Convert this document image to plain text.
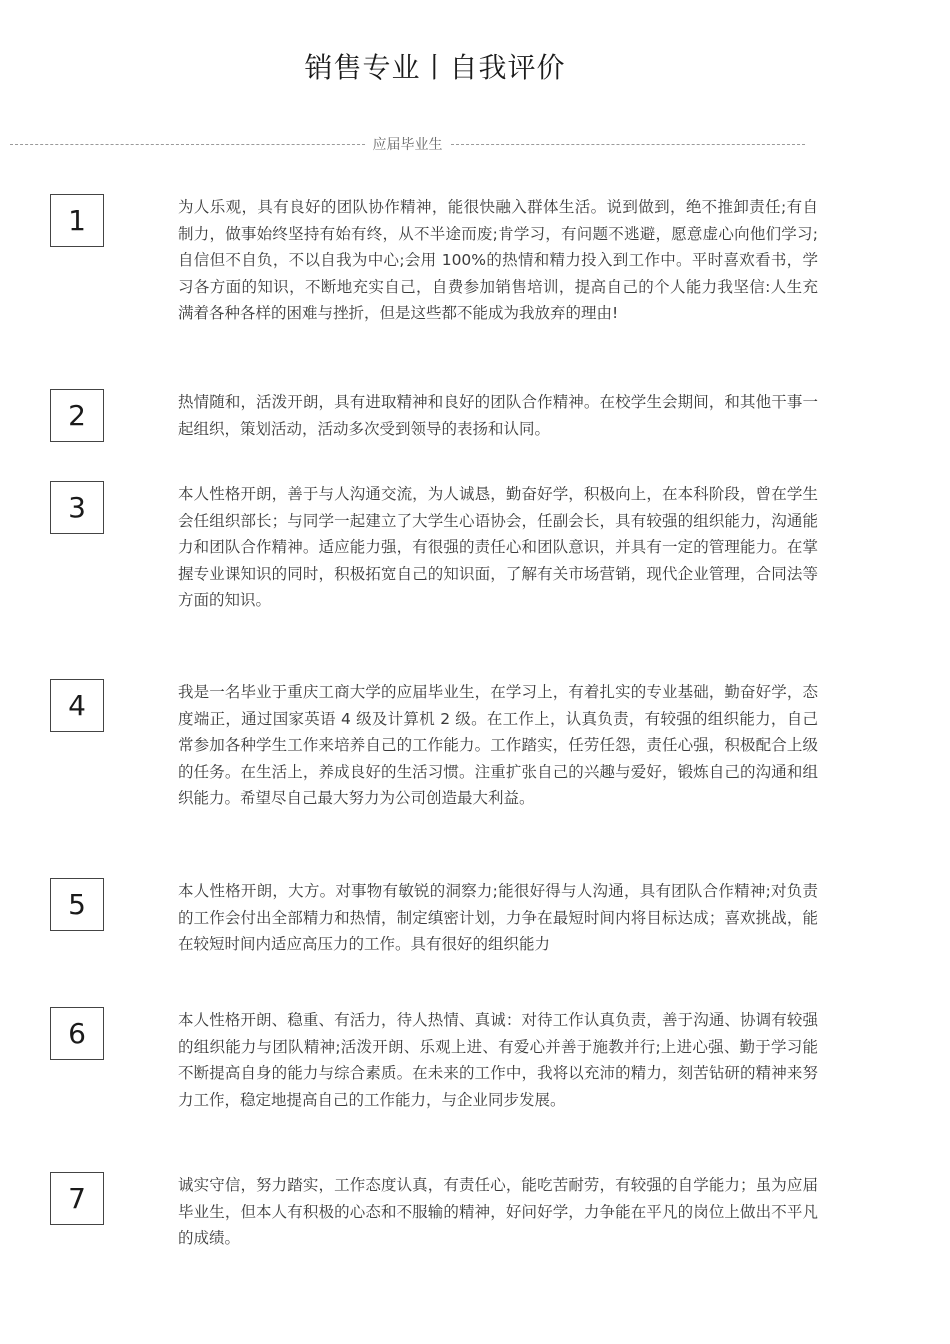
销售专业丨自我评价
应届毕业生
1	为人乐观，具有良好的团队协作精神，能很快融入群体生活。说到做到，绝不推卸责任;有自制力，做事始终坚持有始有终，从不半途而废;肯学习，有问题不逃避，愿意虚心向他们学习;自信但不自负，不以自我为中心;会用 100%的热情和精力投入到工作中。平时喜欢看书，学习各方面的知识，不断地充实自己，自费参加销售培训，提高自己的个人能力我坚信:人生充满着各种各样的困难与挫折，但是这些都不能成为我放弃的理由!

2	热情随和，活泼开朗，具有进取精神和良好的团队合作精神。在校学生会期间，和其他干事一起组织，策划活动，活动多次受到领导的表扬和认同。

3	本人性格开朗，善于与人沟通交流，为人诚恳，勤奋好学，积极向上，在本科阶段，曾在学生会任组织部长；与同学一起建立了大学生心语协会，任副会长，具有较强的组织能力，沟通能力和团队合作精神。适应能力强，有很强的责任心和团队意识，并具有一定的管理能力。在掌握专业课知识的同时，积极拓宽自己的知识面，了解有关市场营销，现代企业管理，合同法等方面的知识。

4	我是一名毕业于重庆工商大学的应届毕业生，在学习上，有着扎实的专业基础，勤奋好学，态度端正，通过国家英语 4 级及计算机 2 级。在工作上，认真负责，有较强的组织能力，自己常参加各种学生工作来培养自己的工作能力。工作踏实，任劳任怨，责任心强，积极配合上级的任务。在生活上，养成良好的生活习惯。注重扩张自己的兴趣与爱好，锻炼自己的沟通和组织能力。希望尽自己最大努力为公司创造最大利益。

5	本人性格开朗，大方。对事物有敏锐的洞察力;能很好得与人沟通，具有团队合作精神;对负责的工作会付出全部精力和热情，制定缜密计划，力争在最短时间内将目标达成；喜欢挑战，能在较短时间内适应高压力的工作。具有很好的组织能力

6	本人性格开朗、稳重、有活力，待人热情、真诚：对待工作认真负责，善于沟通、协调有较强的组织能力与团队精神;活泼开朗、乐观上进、有爱心并善于施教并行;上进心强、勤于学习能不断提高自身的能力与综合素质。在未来的工作中，我将以充沛的精力，刻苦钻研的精神来努力工作，稳定地提高自己的工作能力，与企业同步发展。

7	诚实守信，努力踏实，工作态度认真，有责任心，能吃苦耐劳，有较强的自学能力；虽为应届毕业生，但本人有积极的心态和不服输的精神，好问好学，力争能在平凡的岗位上做出不平凡的成绩。
